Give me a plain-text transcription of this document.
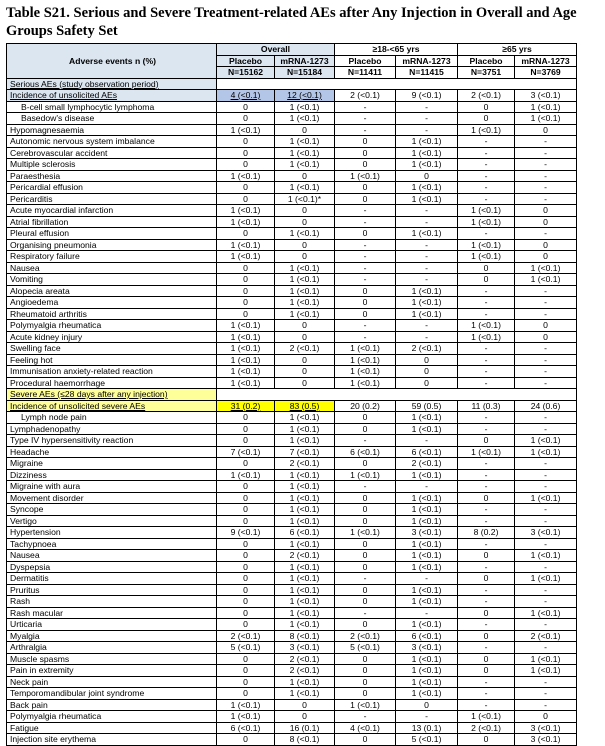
Table S21. Serious and Severe Treatment-related AEs after Any Injection in Overall and Age Groups Safety Set
Adverse events n (%)	Overall		≥18-<65 yrs		≥65 yrs	
	Placebo	mRNA-1273	Placebo	mRNA-1273	Placebo	mRNA-1273
	N=15162	N=15184	N=11411	N=11415	N=3751	N=3769
Serious AEs (study observation period)						
Incidence of unsolicited AEs	4 (<0.1)	12 (<0.1)	2 (<0.1)	9 (<0.1)	2 (<0.1)	3 (<0.1)
B-cell small lymphocytic lymphoma	0	1 (<0.1)	-	-	0	1 (<0.1)
Basedow's disease	0	1 (<0.1)	-	-	0	1 (<0.1)
Hypomagnesaemia	1 (<0.1)	0	-	-	1 (<0.1)	0
Autonomic nervous system imbalance	0	1 (<0.1)	0	1 (<0.1)	-	-
Cerebrovascular accident	0	1 (<0.1)	0	1 (<0.1)	-	-
Multiple sclerosis	0	1 (<0.1)	0	1 (<0.1)	-	-
Paraesthesia	1 (<0.1)	0	1 (<0.1)	0	-	-
Pericardial effusion	0	1 (<0.1)	0	1 (<0.1)	-	-
Pericarditis	0	1 (<0.1)*	0	1 (<0.1)	-	-
Acute myocardial infarction	1 (<0.1)	0	-	-	1 (<0.1)	0
Atrial fibrillation	1 (<0.1)	0	-	-	1 (<0.1)	0
Pleural effusion	0	1 (<0.1)	0	1 (<0.1)	-	-
Organising pneumonia	1 (<0.1)	0	-	-	1 (<0.1)	0
Respiratory failure	1 (<0.1)	0	-	-	1 (<0.1)	0
Nausea	0	1 (<0.1)	-	-	0	1 (<0.1)
Vomiting	0	1 (<0.1)	-	-	0	1 (<0.1)
Alopecia areata	0	1 (<0.1)	0	1 (<0.1)	-	-
Angioedema	0	1 (<0.1)	0	1 (<0.1)	-	-
Rheumatoid arthritis	0	1 (<0.1)	0	1 (<0.1)	-	-
Polymyalgia rheumatica	1 (<0.1)	0	-	-	1 (<0.1)	0
Acute kidney injury	1 (<0.1)	0	-	-	1 (<0.1)	0
Swelling face	1 (<0.1)	2 (<0.1)	1 (<0.1)	2 (<0.1)	-	-
Feeling hot	1 (<0.1)	0	1 (<0.1)	0	-	-
Immunisation anxiety-related reaction	1 (<0.1)	0	1 (<0.1)	0	-	-
Procedural haemorrhage	1 (<0.1)	0	1 (<0.1)	0	-	-
Severe AEs (≤28 days after any injection)						
Incidence of unsolicited severe AEs	31 (0.2)	83 (0.5)	20 (0.2)	59 (0.5)	11 (0.3)	24 (0.6)
Lymph node pain	0	1 (<0.1)	0	1 (<0.1)	-	-
Lymphadenopathy	0	1 (<0.1)	0	1 (<0.1)	-	-
Type IV hypersensitivity reaction	0	1 (<0.1)	-	-	0	1 (<0.1)
Headache	7 (<0.1)	7 (<0.1)	6 (<0.1)	6 (<0.1)	1 (<0.1)	1 (<0.1)
Migraine	0	2 (<0.1)	0	2 (<0.1)	-	-
Dizziness	1 (<0.1)	1 (<0.1)	1 (<0.1)	1 (<0.1)	-	-
Migraine with aura	0	1 (<0.1)	-	-	-	-
Movement disorder	0	1 (<0.1)	0	1 (<0.1)	0	1 (<0.1)
Syncope	0	1 (<0.1)	0	1 (<0.1)	-	-
Vertigo	0	1 (<0.1)	0	1 (<0.1)	-	-
Hypertension	9 (<0.1)	6 (<0.1)	1 (<0.1)	3 (<0.1)	8 (0.2)	3 (<0.1)
Tachypnoea	0	1 (<0.1)	0	1 (<0.1)	-	-
Nausea	0	2 (<0.1)	0	1 (<0.1)	0	1 (<0.1)
Dyspepsia	0	1 (<0.1)	0	1 (<0.1)	-	-
Dermatitis	0	1 (<0.1)	-	-	0	1 (<0.1)
Pruritus	0	1 (<0.1)	0	1 (<0.1)	-	-
Rash	0	1 (<0.1)	0	1 (<0.1)	-	-
Rash macular	0	1 (<0.1)	-	-	0	1 (<0.1)
Urticaria	0	1 (<0.1)	0	1 (<0.1)	-	-
Myalgia	2 (<0.1)	8 (<0.1)	2 (<0.1)	6 (<0.1)	0	2 (<0.1)
Arthralgia	5 (<0.1)	3 (<0.1)	5 (<0.1)	3 (<0.1)	-	-
Muscle spasms	0	2 (<0.1)	0	1 (<0.1)	0	1 (<0.1)
Pain in extremity	0	2 (<0.1)	0	1 (<0.1)	0	1 (<0.1)
Neck pain	0	1 (<0.1)	0	1 (<0.1)	-	-
Temporomandibular joint syndrome	0	1 (<0.1)	0	1 (<0.1)	-	-
Back pain	1 (<0.1)	0	1 (<0.1)	0	-	-
Polymyalgia rheumatica	1 (<0.1)	0	-	-	1 (<0.1)	0
Fatigue	6 (<0.1)	16 (0.1)	4 (<0.1)	13 (0.1)	2 (<0.1)	3 (<0.1)
Injection site erythema	0	8 (<0.1)	0	5 (<0.1)	0	3 (<0.1)
